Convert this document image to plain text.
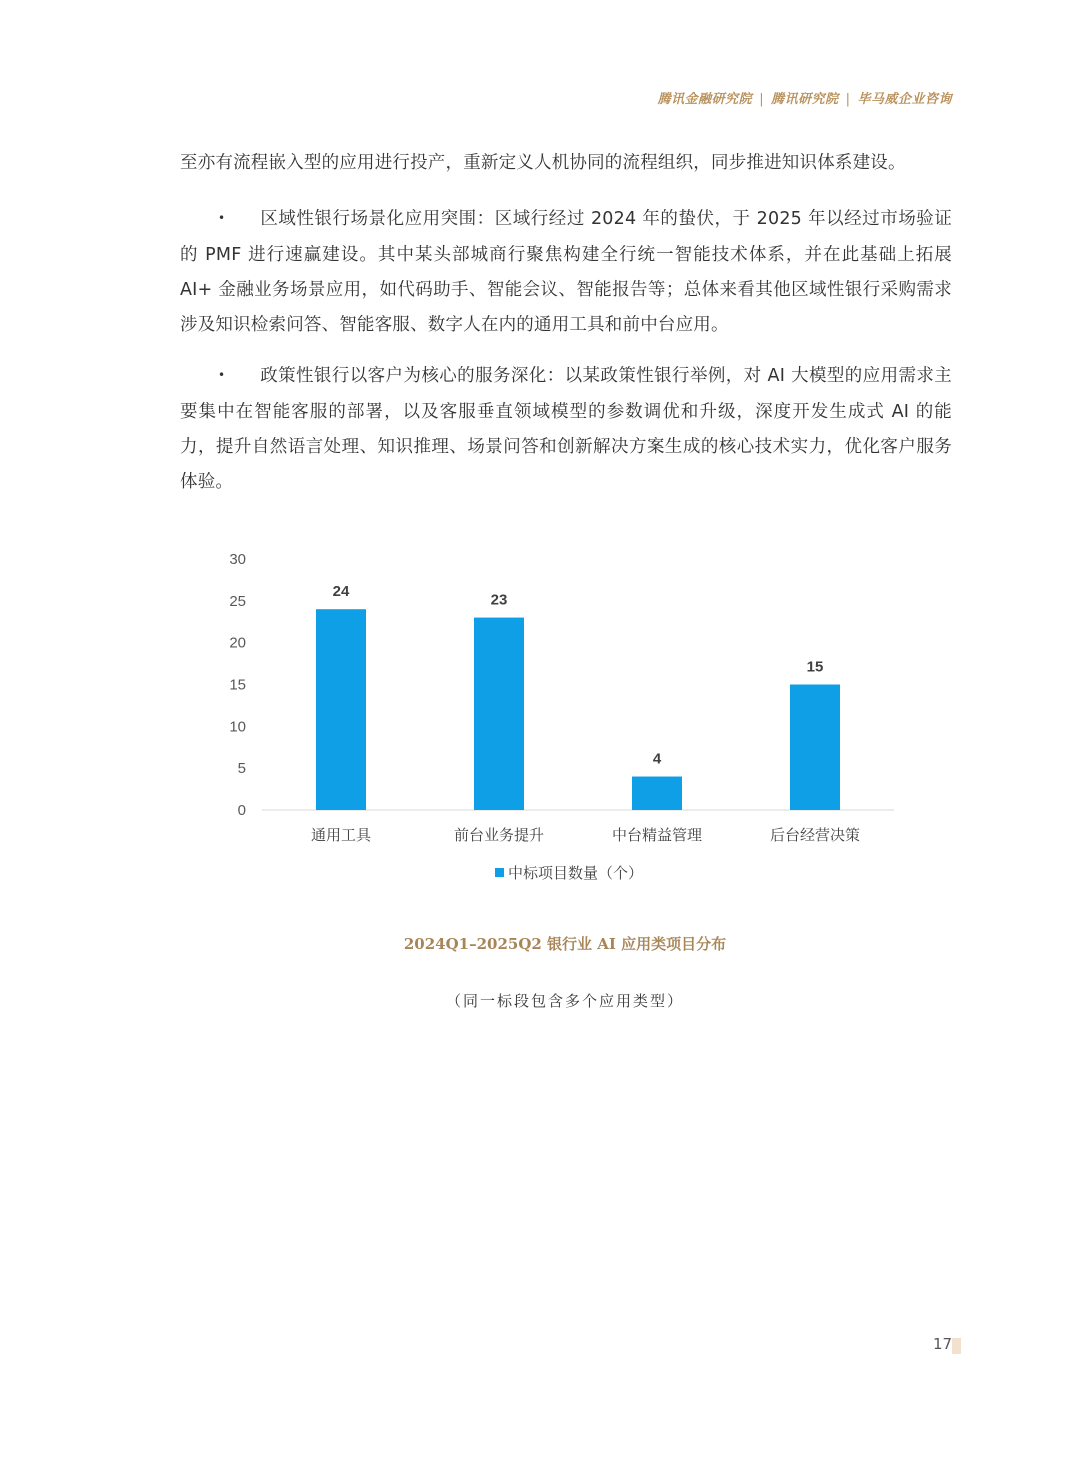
腾讯金融研究院 | 腾讯研究院 | 毕马威企业咨询
至亦有流程嵌入型的应用进行投产，重新定义人机协同的流程组织，同步推进知识体系建设。
•区域性银行场景化应用突围：区域行经过 2024 年的蛰伏，于 2025 年以经过市场验证的 PMF 进行速赢建设。其中某头部城商行聚焦构建全行统一智能技术体系，并在此基础上拓展 AI+ 金融业务场景应用，如代码助手、智能会议、智能报告等；总体来看其他区域性银行采购需求涉及知识检索问答、智能客服、数字人在内的通用工具和前中台应用。
•政策性银行以客户为核心的服务深化：以某政策性银行举例，对 AI 大模型的应用需求主要集中在智能客服的部署，以及客服垂直领域模型的参数调优和升级，深度开发生成式 AI 的能力，提升自然语言处理、知识推理、场景问答和创新解决方案生成的核心技术实力，优化客户服务体验。
0
5
10
15
20
25
30
24
通用工具
23
前台业务提升
4
中台精益管理
15
后台经营决策
中标项目数量（个）
2024Q1–2025Q2 银行业 AI 应用类项目分布
（同一标段包含多个应用类型）
17
